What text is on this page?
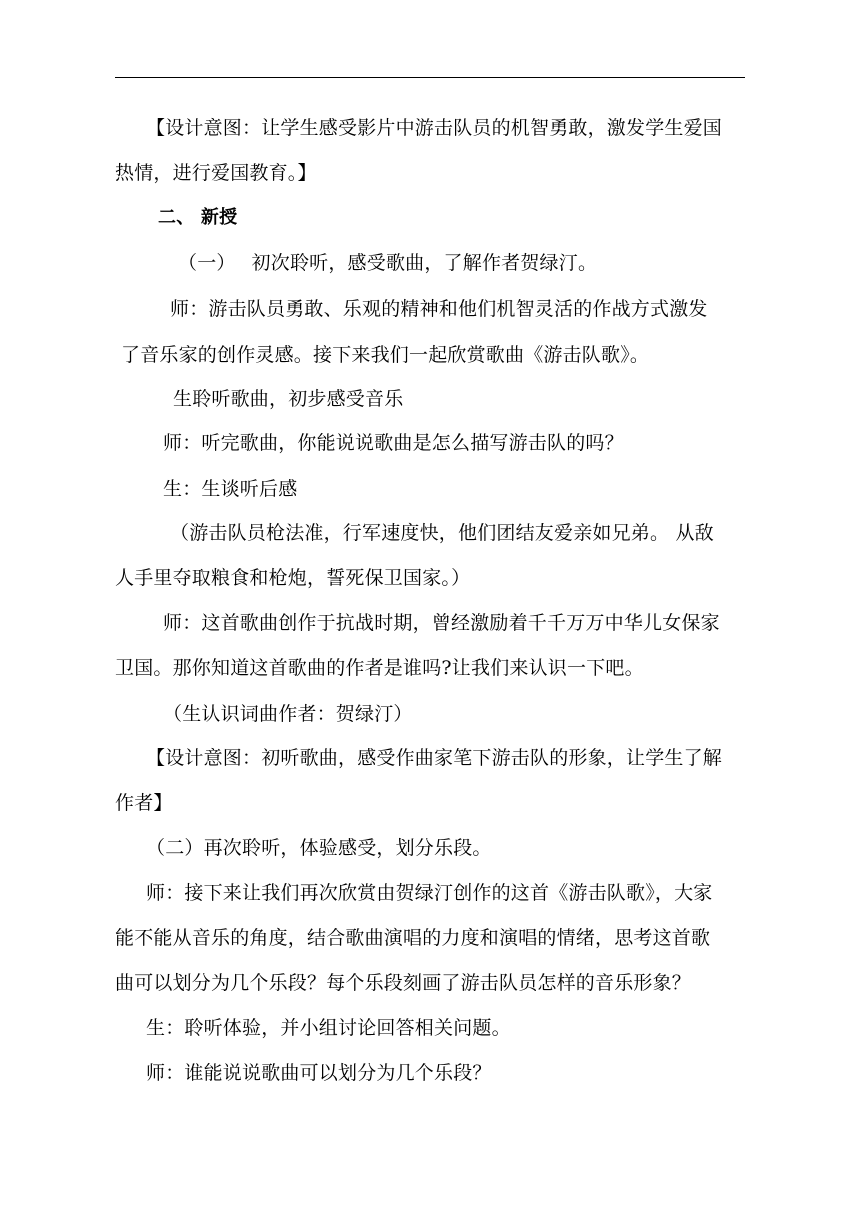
【设计意图：让学生感受影片中游击队员的机智勇敢，激发学生爱国
热情，进行爱国教育。】
二、 新授
（一）　 初次聆听，感受歌曲，了解作者贺绿汀。
师：游击队员勇敢、乐观的精神和他们机智灵活的作战方式激发
了音乐家的创作灵感。接下来我们一起欣赏歌曲《游击队歌》。
生聆听歌曲，初步感受音乐
师：听完歌曲，你能说说歌曲是怎么描写游击队的吗？
生：生谈听后感
（游击队员枪法准，行军速度快，他们团结友爱亲如兄弟。 从敌
人手里夺取粮食和枪炮，誓死保卫国家。）
师：这首歌曲创作于抗战时期，曾经激励着千千万万中华儿女保家
卫国。那你知道这首歌曲的作者是谁吗?让我们来认识一下吧。
（生认识词曲作者：贺绿汀）
【设计意图：初听歌曲，感受作曲家笔下游击队的形象，让学生了解
作者】
（二）再次聆听，体验感受，划分乐段。
师：接下来让我们再次欣赏由贺绿汀创作的这首《游击队歌》，大家
能不能从音乐的角度，结合歌曲演唱的力度和演唱的情绪，思考这首歌
曲可以划分为几个乐段？每个乐段刻画了游击队员怎样的音乐形象？
生：聆听体验，并小组讨论回答相关问题。
师：谁能说说歌曲可以划分为几个乐段？
